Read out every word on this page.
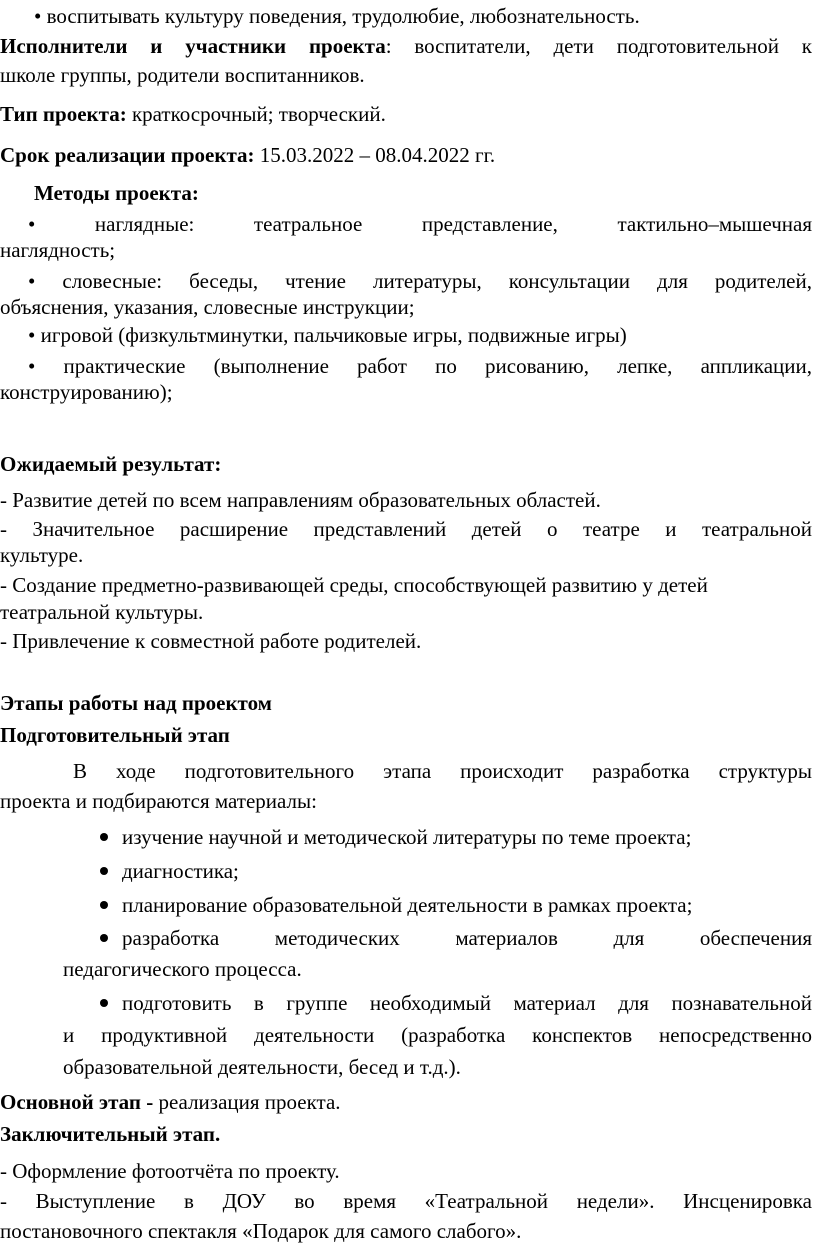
• воспитывать культуру поведения, трудолюбие, любознательность.
Исполнители и участники проекта: воспитатели, дети подготовительной к
школе группы, родители воспитанников.
Тип проекта: краткосрочный; творческий.
Срок реализации проекта: 15.03.2022 – 08.04.2022 гг.
Методы проекта:
• наглядные: театральное представление, тактильно–мышечная
наглядность;
• словесные: беседы, чтение литературы, консультации для родителей,
объяснения, указания, словесные инструкции;
• игровой (физкультминутки, пальчиковые игры, подвижные игры)
• практические (выполнение работ по рисованию, лепке, аппликации,
конструированию);
Ожидаемый результат:
- Развитие детей по всем направлениям образовательных областей.
- Значительное расширение представлений детей о театре и театральной
культуре.
- Создание предметно-развивающей среды, способствующей развитию у детей
театральной культуры.
- Привлечение к совместной работе родителей.
Этапы работы над проектом
Подготовительный этап
В ходе подготовительного этапа происходит разработка структуры
проекта и подбираются материалы:
изучение научной и методической литературы по теме проекта;
диагностика;
планирование образовательной деятельности в рамках проекта;
разработка методических материалов для обеспечения
педагогического процесса.
подготовить в группе необходимый материал для познавательной
и продуктивной деятельности (разработка конспектов непосредственно
образовательной деятельности, бесед и т.д.).
Основной этап - реализация проекта.
Заключительный этап.
- Оформление фотоотчёта по проекту.
- Выступление в ДОУ во время «Театральной недели». Инсценировка
постановочного спектакля «Подарок для самого слабого».
